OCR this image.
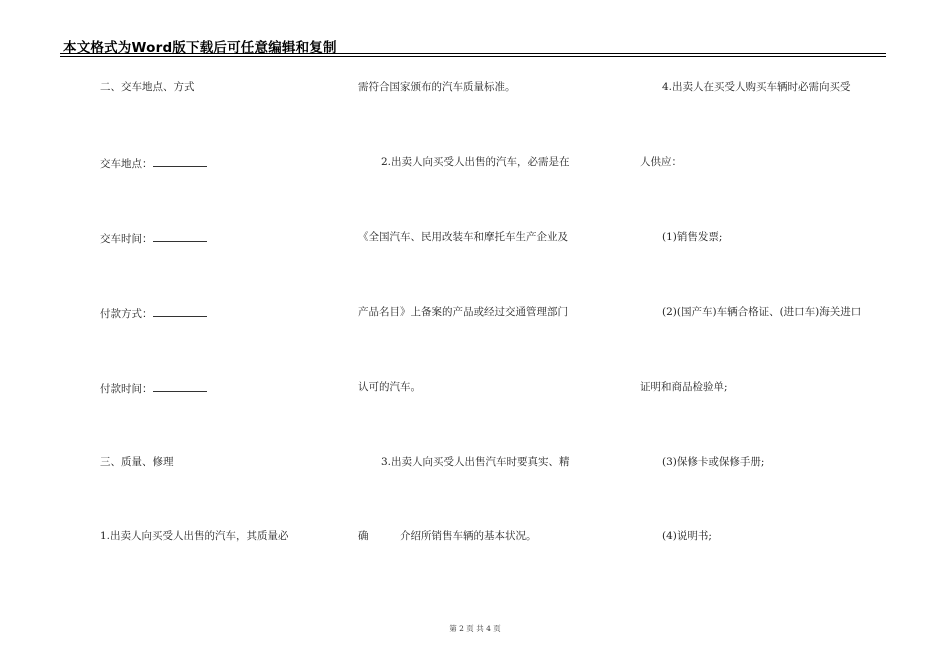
本文格式为Word版下载后可任意编辑和复制
二、交车地点、方式
交车地点：
交车时间：
付款方式：
付款时间：
三、质量、修理
1.出卖人向买受人出售的汽车，其质量必
需符合国家颁布的汽车质量标准。
2.出卖人向买受人出售的汽车，必需是在
《全国汽车、民用改装车和摩托车生产企业及
产品名目》上备案的产品或经过交通管理部门
认可的汽车。
3.出卖人向买受人出售汽车时要真实、精
确	介绍所销售车辆的基本状况。
4.出卖人在买受人购买车辆时必需向买受
人供应：
(1)销售发票;
(2)(国产车)车辆合格证、(进口车)海关进口
证明和商品检验单;
(3)保修卡或保修手册;
(4)说明书;
第 2 页 共 4 页
